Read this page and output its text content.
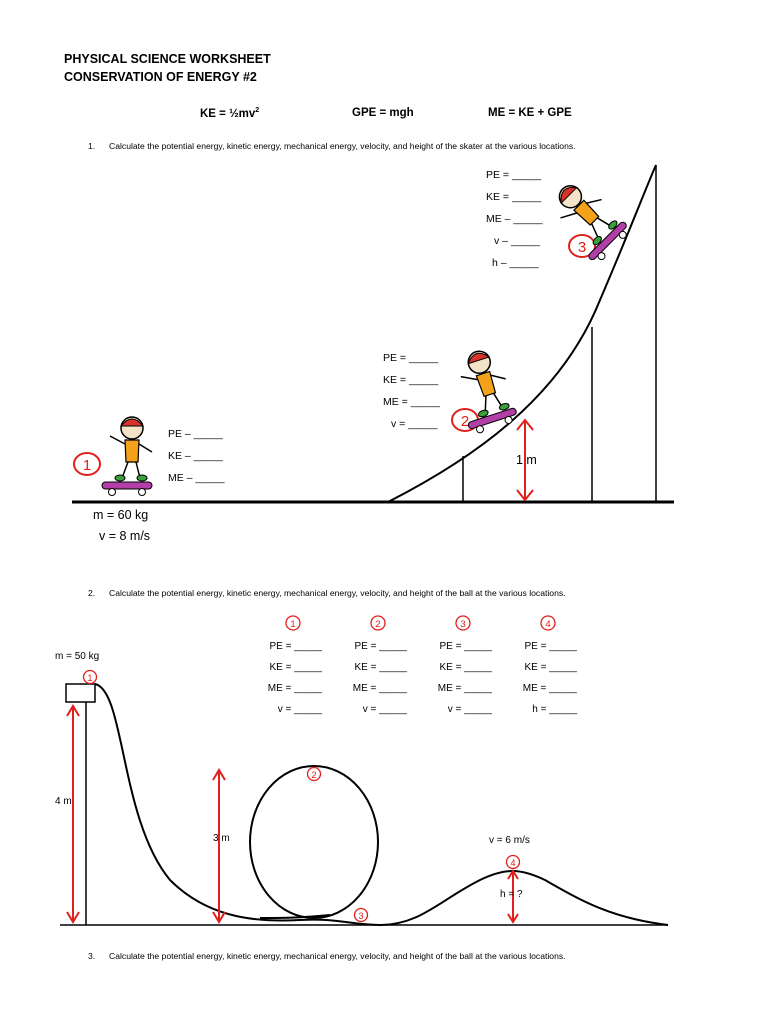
PHYSICAL SCIENCE WORKSHEET
CONSERVATION OF ENERGY #2
KE = $\frac{1}{2}mv^2$	GPE = mgh	ME = KE + GPE
1. Calculate the potential energy, kinetic energy, mechanical energy, velocity, and height of the skater at the various locations.
1
2
3
PE – _____
KE – _____
ME – _____
PE = _____
KE = _____
ME = _____
v = _____
PE = _____
KE = _____
ME – _____
v – _____
h – _____
1 m
m = 60 kg
v = 8 m/s
2. Calculate the potential energy, kinetic energy, mechanical energy, velocity, and height of the ball at the various locations.
1
2
3
4
1	2	3	4
m = 50 kg
4 m
3 m	v = 6 m/s
h = ?
PE = _____
KE = _____
ME = _____
v = _____
PE = _____
KE = _____
ME = _____
v = _____
PE = _____
KE = _____
ME = _____
v = _____
PE = _____
KE = _____
ME = _____
h = _____
3. Calculate the potential energy, kinetic energy, mechanical energy, velocity, and height of the ball at the various locations.
